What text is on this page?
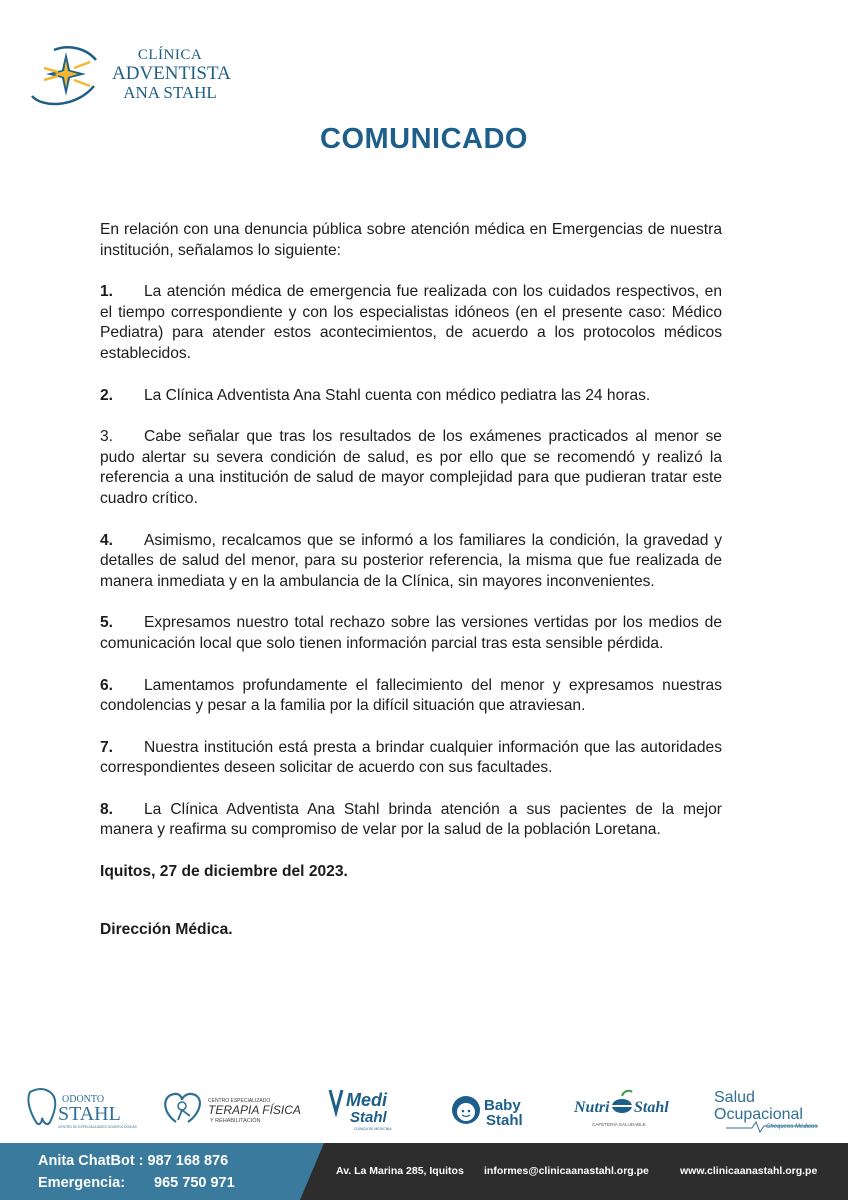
CLÍNICA
ADVENTISTA
ANA STAHL
COMUNICADO

En relación con una denuncia pública sobre atención médica en Emergencias de nuestra institución, señalamos lo siguiente:

1. La atención médica de emergencia fue realizada con los cuidados respectivos, en el tiempo correspondiente y con los especialistas idóneos (en el presente caso: Médico Pediatra) para atender estos acontecimientos, de acuerdo a los protocolos médicos establecidos.

2. La Clínica Adventista Ana Stahl cuenta con médico pediatra las 24 horas.

3. Cabe señalar que tras los resultados de los exámenes practicados al menor se pudo alertar su severa condición de salud, es por ello que se recomendó y realizó la referencia a una institución de salud de mayor complejidad para que pudieran tratar este cuadro crítico.

4. Asimismo, recalcamos que se informó a los familiares la condición, la gravedad y detalles de salud del menor, para su posterior referencia, la misma que fue realizada de manera inmediata y en la ambulancia de la Clínica, sin mayores inconvenientes.

5. Expresamos nuestro total rechazo sobre las versiones vertidas por los medios de comunicación local que solo tienen información parcial tras esta sensible pérdida.

6. Lamentamos profundamente el fallecimiento del menor y expresamos nuestras condolencias y pesar a la familia por la difícil situación que atraviesan.

7. Nuestra institución está presta a brindar cualquier información que las autoridades correspondientes deseen solicitar de acuerdo con sus facultades.

8. La Clínica Adventista Ana Stahl brinda atención a sus pacientes de la mejor manera y reafirma su compromiso de velar por la salud de la población Loretana.

Iquitos, 27 de diciembre del 2023.

Dirección Médica.

ODONTO
STAHL
CENTRO DE ESPECIALIDADES ODONTOLÓGICAS
CENTRO ESPECIALIZADO
TERAPIA FÍSICA
Y REHABILITACIÓN
Medi
Stahl
CLÍNICA DE MEDICINA
Baby
Stahl
Nutri Stahl
CAFETERÍA SALUDABLE
Salud
Ocupacional
Chequeos Médicos
Anita ChatBot : 987 168 876
Emergencia: 965 750 971
Av. La Marina 285, Iquitos informes@clinicaanastahl.org.pe	www.clinicaanastahl.org.pe
